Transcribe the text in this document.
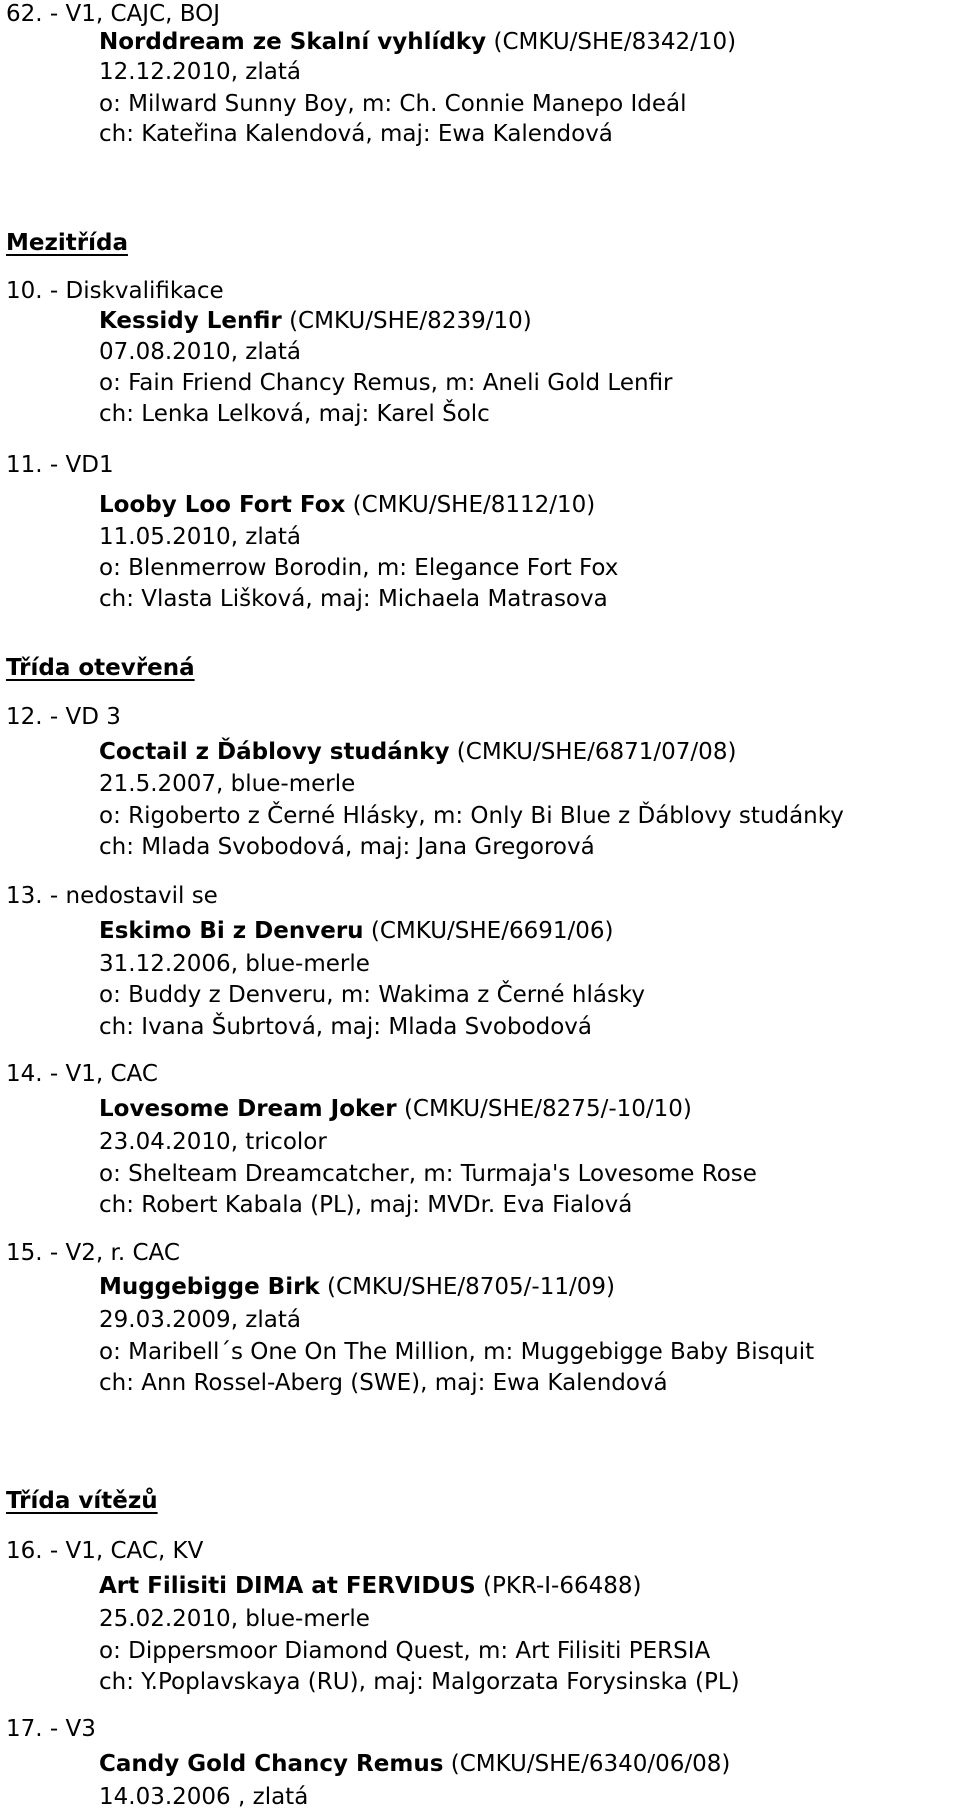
62. - V1, CAJC, BOJ
Norddream ze Skalní vyhlídky (CMKU/SHE/8342/10)
12.12.2010, zlatá
o: Milward Sunny Boy, m: Ch. Connie Manepo Ideál
ch: Kateřina Kalendová, maj: Ewa Kalendová
Mezitřída
10. - Diskvalifikace
Kessidy Lenfir (CMKU/SHE/8239/10)
07.08.2010, zlatá
o: Fain Friend Chancy Remus, m: Aneli Gold Lenfir
ch: Lenka Lelková, maj: Karel Šolc
11. - VD1
Looby Loo Fort Fox (CMKU/SHE/8112/10)
11.05.2010, zlatá
o: Blenmerrow Borodin, m: Elegance Fort Fox
ch: Vlasta Lišková, maj: Michaela Matrasova
Třída otevřená
12. - VD 3
Coctail z Ďáblovy studánky (CMKU/SHE/6871/07/08)
21.5.2007, blue-merle
o: Rigoberto z Černé Hlásky, m: Only Bi Blue z Ďáblovy studánky
ch: Mlada Svobodová, maj: Jana Gregorová
13. - nedostavil se
Eskimo Bi z Denveru (CMKU/SHE/6691/06)
31.12.2006, blue-merle
o: Buddy z Denveru, m: Wakima z Černé hlásky
ch: Ivana Šubrtová, maj: Mlada Svobodová
14. - V1, CAC
Lovesome Dream Joker (CMKU/SHE/8275/-10/10)
23.04.2010, tricolor
o: Shelteam Dreamcatcher, m: Turmaja's Lovesome Rose
ch: Robert Kabala (PL), maj: MVDr. Eva Fialová
15. - V2, r. CAC
Muggebigge Birk (CMKU/SHE/8705/-11/09)
29.03.2009, zlatá
o: Maribell´s One On The Million, m: Muggebigge Baby Bisquit
ch: Ann Rossel-Aberg (SWE), maj: Ewa Kalendová
Třída vítězů
16. - V1, CAC, KV
Art Filisiti DIMA at FERVIDUS (PKR-I-66488)
25.02.2010, blue-merle
o: Dippersmoor Diamond Quest, m: Art Filisiti PERSIA
ch: Y.Poplavskaya (RU), maj: Malgorzata Forysinska (PL)
17. - V3
Candy Gold Chancy Remus (CMKU/SHE/6340/06/08)
14.03.2006 , zlatá
